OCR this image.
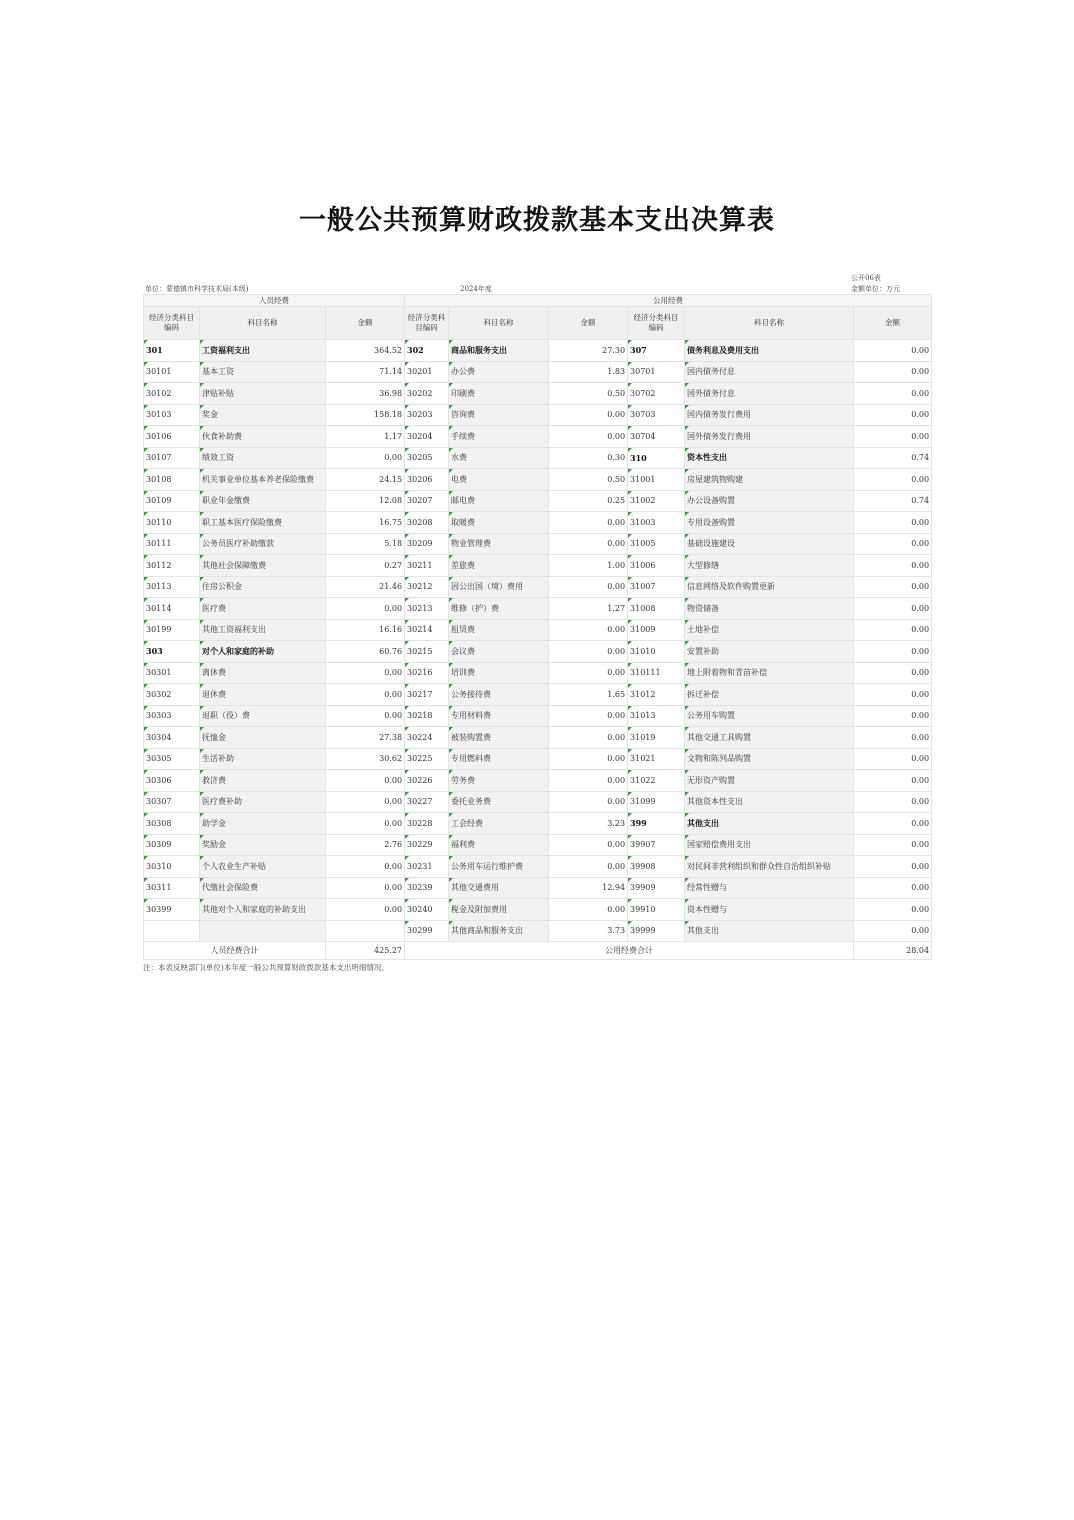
一般公共预算财政拨款基本支出决算表
公开06表
单位：蒙德镇市科学技术局(本级)	2024年度	金额单位：万元
人员经费			公用经费					
经济分类科目编码	科目名称	金额	经济分类科目编码	科目名称	金额	经济分类科目编码	科目名称	金额
301	工资福利支出	364.52	302	商品和服务支出	27.30	307	债务利息及费用支出	0.00
30101	基本工资	71.14	30201	办公费	1.83	30701	国内债务付息	0.00
30102	津贴补贴	36.98	30202	印刷费	0.50	30702	国外债务付息	0.00
30103	奖金	158.18	30203	咨询费	0.00	30703	国内债务发行费用	0.00
30106	伙食补助费	1.17	30204	手续费	0.00	30704	国外债务发行费用	0.00
30107	绩效工资	0.00	30205	水费	0.30	310	资本性支出	0.74
30108	机关事业单位基本养老保险缴费	24.15	30206	电费	0.50	31001	房屋建筑物购建	0.00
30109	职业年金缴费	12.08	30207	邮电费	0.25	31002	办公设备购置	0.74
30110	职工基本医疗保险缴费	16.75	30208	取暖费	0.00	31003	专用设备购置	0.00
30111	公务员医疗补助缴款	5.18	30209	物业管理费	0.00	31005	基础设施建设	0.00
30112	其他社会保障缴费	0.27	30211	差旅费	1.00	31006	大型修缮	0.00
30113	住房公积金	21.46	30212	因公出国（境）费用	0.00	31007	信息网络及软件购置更新	0.00
30114	医疗费	0.00	30213	维修（护）费	1.27	31008	物资储备	0.00
30199	其他工资福利支出	16.16	30214	租赁费	0.00	31009	土地补偿	0.00
303	对个人和家庭的补助	60.76	30215	会议费	0.00	31010	安置补助	0.00
30301	离休费	0.00	30216	培训费	0.00	310111	地上附着物和青苗补偿	0.00
30302	退休费	0.00	30217	公务接待费	1.65	31012	拆迁补偿	0.00
30303	退职（役）费	0.00	30218	专用材料费	0.00	31013	公务用车购置	0.00
30304	抚恤金	27.38	30224	被装购置费	0.00	31019	其他交通工具购置	0.00
30305	生活补助	30.62	30225	专用燃料费	0.00	31021	文物和陈列品购置	0.00
30306	救济费	0.00	30226	劳务费	0.00	31022	无形资产购置	0.00
30307	医疗费补助	0.00	30227	委托业务费	0.00	31099	其他资本性支出	0.00
30308	助学金	0.00	30228	工会经费	3.23	399	其他支出	0.00
30309	奖励金	2.76	30229	福利费	0.00	39907	国家赔偿费用支出	0.00
30310	个人农业生产补贴	0.00	30231	公务用车运行维护费	0.00	39908	对民间非营利组织和群众性自治组织补贴	0.00
30311	代缴社会保险费	0.00	30239	其他交通费用	12.94	39909	经常性赠与	0.00
30399	其他对个人和家庭的补助支出	0.00	30240	税金及附加费用	0.00	39910	资本性赠与	0.00
			30299	其他商品和服务支出	3.73	39999	其他支出	0.00
人员经费合计		425.27	公用经费合计					28.04
注：本表反映部门(单位)本年度一般公共预算财政拨款基本支出明细情况。
